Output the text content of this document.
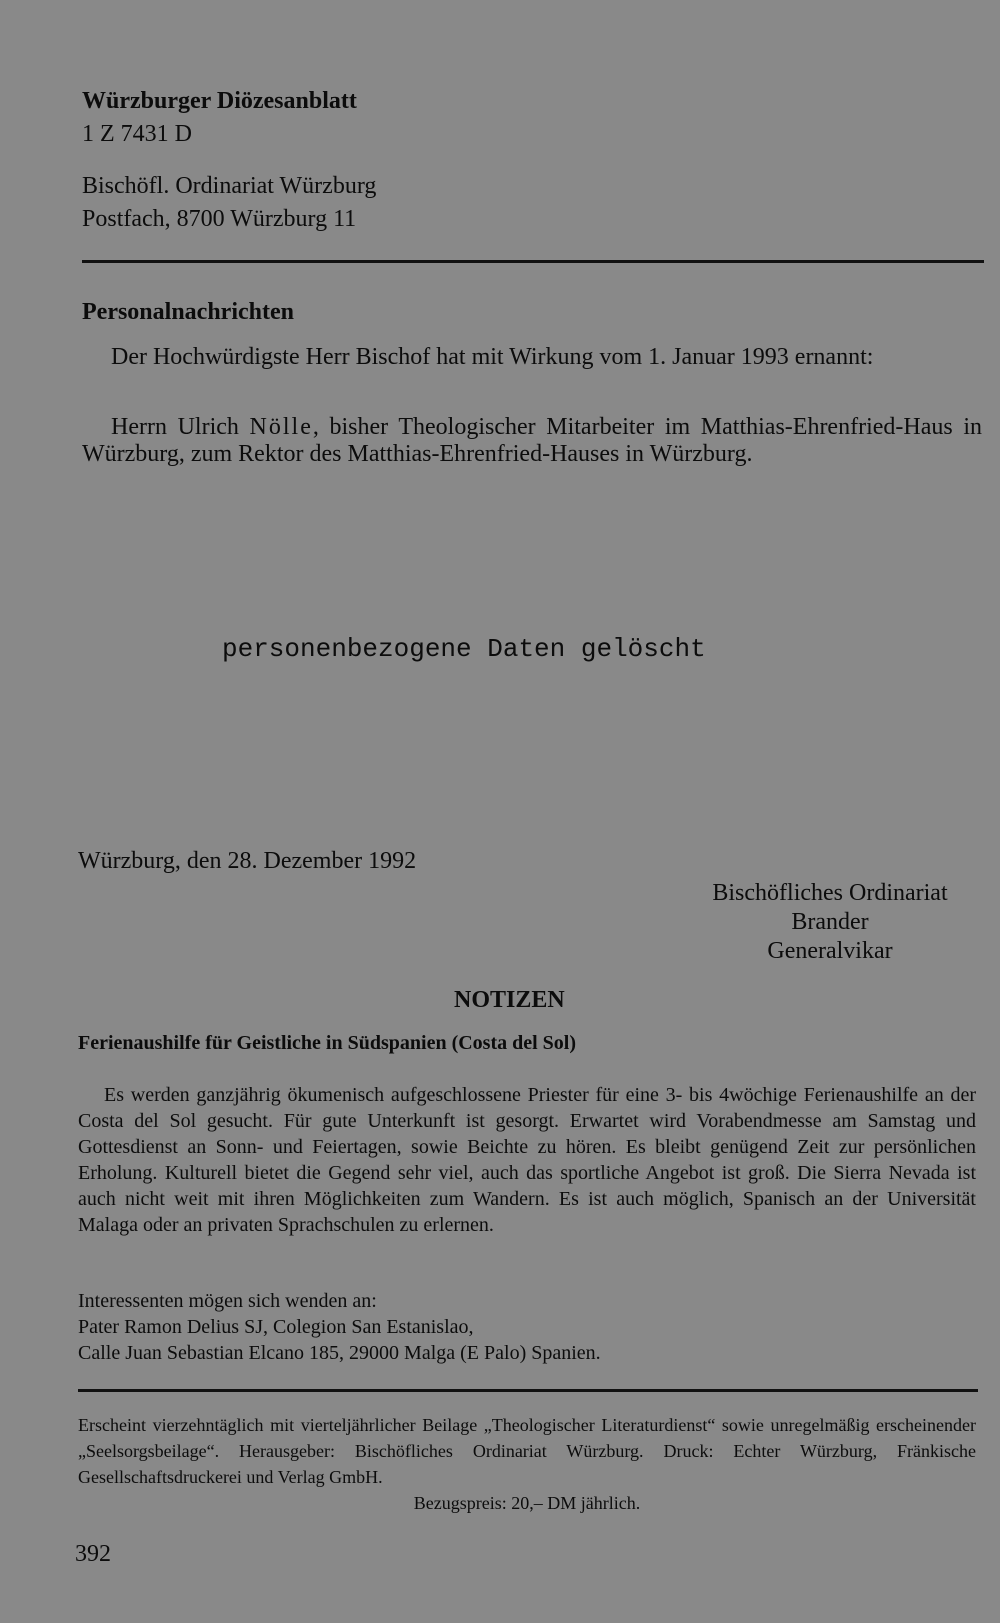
Würzburger Diözesanblatt
1 Z 7431 D
Bischöfl. Ordinariat Würzburg
Postfach, 8700 Würzburg 11
Personalnachrichten

Der Hochwürdigste Herr Bischof hat mit Wirkung vom 1. Januar 1993 ernannt:

Herrn Ulrich Nölle, bisher Theologischer Mitarbeiter im Matthias-Ehrenfried-Haus in Würzburg, zum Rektor des Matthias-Ehrenfried-Hauses in Würzburg.

personenbezogene Daten gelöscht
Würzburg, den 28. Dezember 1992
Bischöfliches Ordinariat
Brander
Generalvikar
NOTIZEN
Ferienaushilfe für Geistliche in Südspanien (Costa del Sol)

Es werden ganzjährig ökumenisch aufgeschlossene Priester für eine 3- bis 4wöchige Ferienaushilfe an der Costa del Sol gesucht. Für gute Unterkunft ist gesorgt. Erwartet wird Vorabendmesse am Samstag und Gottesdienst an Sonn- und Feiertagen, sowie Beichte zu hören. Es bleibt genügend Zeit zur persönlichen Erholung. Kulturell bietet die Gegend sehr viel, auch das sportliche Angebot ist groß. Die Sierra Nevada ist auch nicht weit mit ihren Möglichkeiten zum Wandern. Es ist auch möglich, Spanisch an der Universität Malaga oder an privaten Sprachschulen zu erlernen.

Interessenten mögen sich wenden an:
Pater Ramon Delius SJ, Colegion San Estanislao,
Calle Juan Sebastian Elcano 185, 29000 Malga (E Palo) Spanien.

Erscheint vierzehntäglich mit vierteljährlicher Beilage „Theologischer Literaturdienst“ sowie unregelmäßig erscheinender „Seelsorgsbeilage“. Herausgeber: Bischöfliches Ordinariat Würzburg. Druck: Echter Würzburg, Fränkische Gesellschaftsdruckerei und Verlag GmbH.

Bezugspreis: 20,– DM jährlich.
392
